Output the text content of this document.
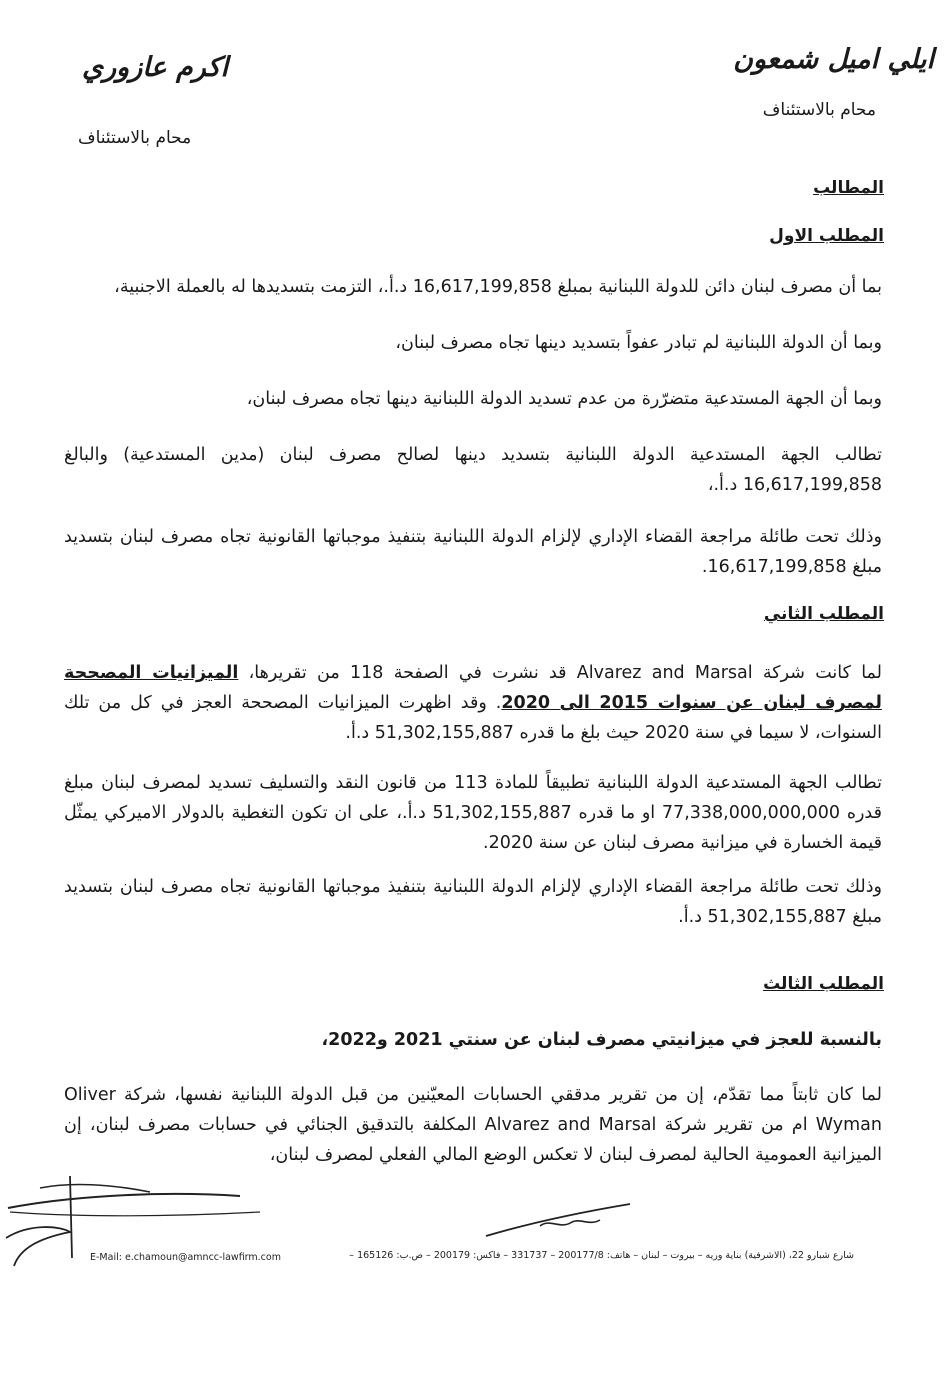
ايلي اميل شمعون
محام بالاستئناف
اكرم عازوري
محام بالاستئناف
المطالب
المطلب الاول
بما أن مصرف لبنان دائن للدولة اللبنانية بمبلغ 16,617,199,858 د.أ.، التزمت بتسديدها له بالعملة الاجنبية،
وبما أن الدولة اللبنانية لم تبادر عفواً بتسديد دينها تجاه مصرف لبنان،
وبما أن الجهة المستدعية متضرّرة من عدم تسديد الدولة اللبنانية دينها تجاه مصرف لبنان،
تطالب الجهة المستدعية الدولة اللبنانية بتسديد دينها لصالح مصرف لبنان (مدين المستدعية) والبالغ 16,617,199,858 د.أ.،
وذلك تحت طائلة مراجعة القضاء الإداري لإلزام الدولة اللبنانية بتنفيذ موجباتها القانونية تجاه مصرف لبنان بتسديد مبلغ 16,617,199,858.
المطلب الثاني
لما كانت شركة Alvarez and Marsal قد نشرت في الصفحة 118 من تقريرها، الميزانيات المصححة لمصرف لبنان عن سنوات 2015 الى 2020. وقد اظهرت الميزانيات المصححة العجز في كل من تلك السنوات، لا سيما في سنة 2020 حيث بلغ ما قدره 51,302,155,887 د.أ.
تطالب الجهة المستدعية الدولة اللبنانية تطبيقاً للمادة 113 من قانون النقد والتسليف تسديد لمصرف لبنان مبلغ قدره 77,338,000,000,000 او ما قدره 51,302,155,887 د.أ.، على ان تكون التغطية بالدولار الاميركي يمثّل قيمة الخسارة في ميزانية مصرف لبنان عن سنة 2020.
وذلك تحت طائلة مراجعة القضاء الإداري لإلزام الدولة اللبنانية بتنفيذ موجباتها القانونية تجاه مصرف لبنان بتسديد مبلغ 51,302,155,887 د.أ.
المطلب الثالث
بالنسبة للعجز في ميزانيتي مصرف لبنان عن سنتي 2021 و2022،
لما كان ثابتاً مما تقدّم، إن من تقرير مدققي الحسابات المعيّنين من قبل الدولة اللبنانية نفسها، شركة Oliver Wyman ام من تقرير شركة Alvarez and Marsal المكلفة بالتدقيق الجنائي في حسابات مصرف لبنان، إن الميزانية العمومية الحالية لمصرف لبنان لا تعكس الوضع المالي الفعلي لمصرف لبنان،
شارع شبارو 22، (الاشرفية) بناية وريه – بيروت – لبنان – هاتف: 200177/8 – 331737 – فاكس: 200179 – ص.ب: 165126 –
E-Mail: e.chamoun@amncc-lawfirm.com
